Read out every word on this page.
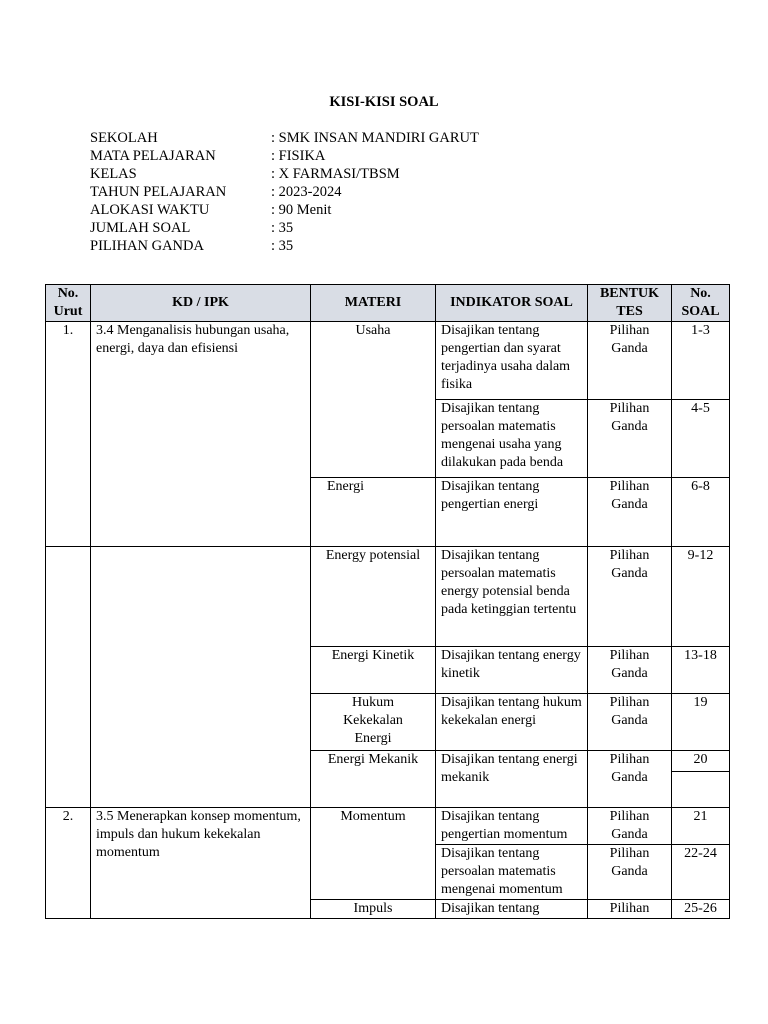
KISI-KISI SOAL
SEKOLAH	: SMK INSAN MANDIRI GARUT
MATA PELAJARAN	: FISIKA
KELAS	: X FARMASI/TBSM
TAHUN PELAJARAN	: 2023-2024
ALOKASI WAKTU	: 90 Menit
JUMLAH SOAL	: 35
PILIHAN GANDA	: 35
No. Urut	KD / IPK	MATERI	INDIKATOR SOAL	BENTUK TES	No. SOAL
1.	3.4 Menganalisis hubungan usaha, energi, daya dan efisiensi	Usaha	Disajikan tentang pengertian dan syarat terjadinya usaha dalam fisika	Pilihan Ganda	1-3
			Disajikan tentang persoalan matematis mengenai usaha yang dilakukan pada benda	Pilihan Ganda	4-5
		Energi	Disajikan tentang pengertian energi	Pilihan Ganda	6-8
		Energy potensial	Disajikan tentang persoalan matematis energy potensial benda pada ketinggian tertentu	Pilihan Ganda	9-12
		Energi Kinetik	Disajikan tentang energy kinetik	Pilihan Ganda	13-18
		Hukum Kekekalan Energi	Disajikan tentang hukum kekekalan energi	Pilihan Ganda	19
		Energi Mekanik	Disajikan tentang energi mekanik	Pilihan Ganda	20

2.	3.5 Menerapkan konsep momentum, impuls dan hukum kekekalan momentum	Momentum	Disajikan tentang pengertian momentum	Pilihan Ganda	21
			Disajikan tentang persoalan matematis mengenai momentum	Pilihan Ganda	22-24
		Impuls	Disajikan tentang	Pilihan	25-26
